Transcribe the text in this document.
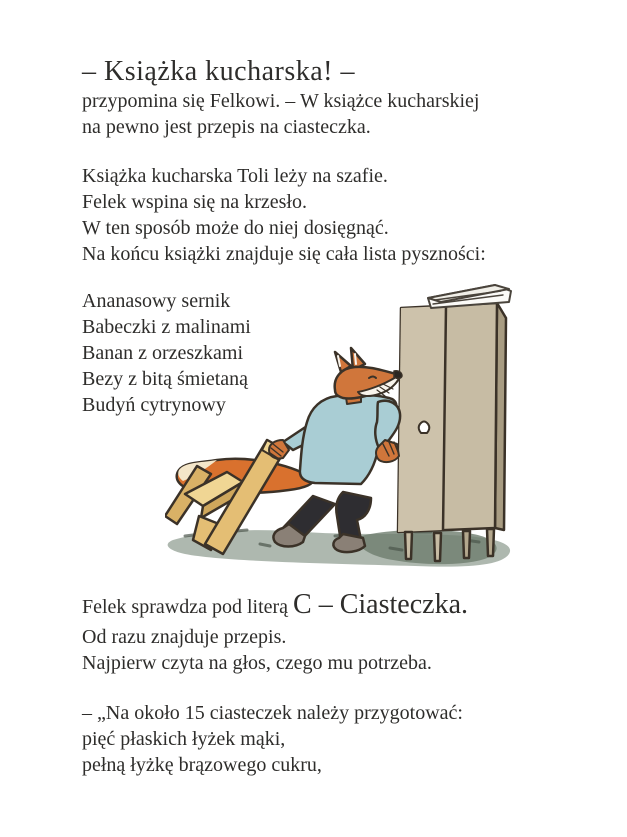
– Książka kucharska! –
przypomina się Felkowi. – W książce kucharskiej
na pewno jest przepis na ciasteczka.
Książka kucharska Toli leży na szafie.
Felek wspina się na krzesło.
W ten sposób może do niej dosięgnąć.
Na końcu książki znajduje się cała lista pyszności:
Ananasowy sernik
Babeczki z malinami
Banan z orzeszkami
Bezy z bitą śmietaną
Budyń cytrynowy
Felek sprawdza pod literą C – Ciasteczka.
Od razu znajduje przepis.
Najpierw czyta na głos, czego mu potrzeba.
– „Na około 15 ciasteczek należy przygotować:
pięć płaskich łyżek mąki,
pełną łyżkę brązowego cukru,
